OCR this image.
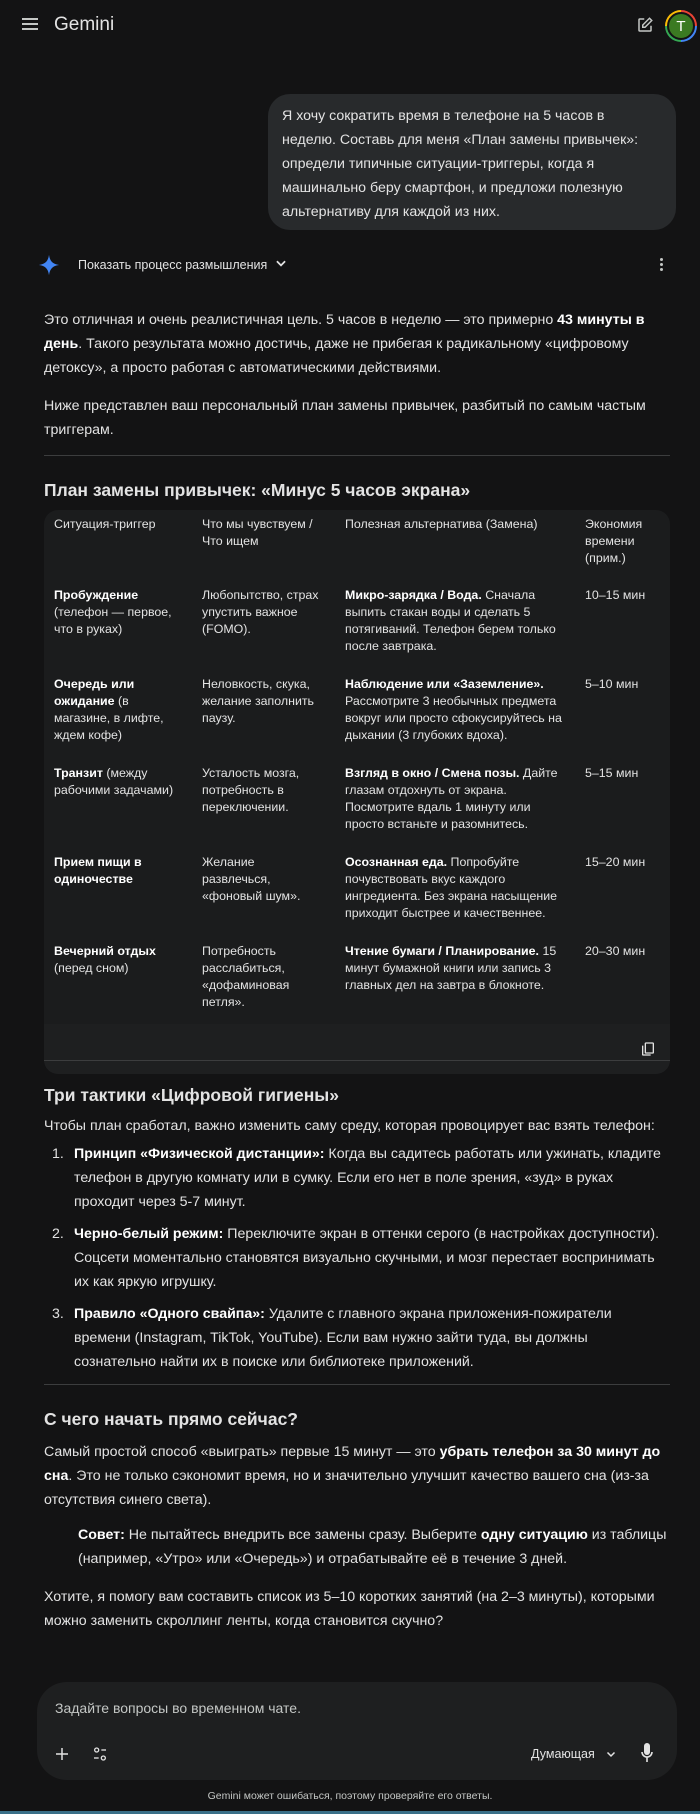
Gemini	T
Я хочу сократить время в телефоне на 5 часов в неделю. Составь для меня «План замены привычек»: определи типичные ситуации-триггеры, когда я машинально беру смартфон, и предложи полезную альтернативу для каждой из них.
Показать процесс размышления

Это отличная и очень реалистичная цель. 5 часов в неделю — это примерно 43 минуты в день. Такого результата можно достичь, даже не прибегая к радикальному «цифровому детоксу», а просто работая с автоматическими действиями.

Ниже представлен ваш персональный план замены привычек, разбитый по самым частым триггерам.

План замены привычек: «Минус 5 часов экрана»
Ситуация-триггер	Что мы чувствуем / Что ищем	Полезная альтернатива (Замена)	Экономия времени (прим.)
Пробуждение (телефон — первое, что в руках)	Любопытство, страх упустить важное (FOMO).	Микро-зарядка / Вода. Сначала выпить стакан воды и сделать 5 потягиваний. Телефон берем только после завтрака.	10–15 мин
Очередь или ожидание (в магазине, в лифте, ждем кофе)	Неловкость, скука, желание заполнить паузу.	Наблюдение или «Заземление». Рассмотрите 3 необычных предмета вокруг или просто сфокусируйтесь на дыхании (3 глубоких вдоха).	5–10 мин
Транзит (между рабочими задачами)	Усталость мозга, потребность в переключении.	Взгляд в окно / Смена позы. Дайте глазам отдохнуть от экрана. Посмотрите вдаль 1 минуту или просто встаньте и разомнитесь.	5–15 мин
Прием пищи в одиночестве	Желание развлечься, «фоновый шум».	Осознанная еда. Попробуйте почувствовать вкус каждого ингредиента. Без экрана насыщение приходит быстрее и качественнее.	15–20 мин
Вечерний отдых (перед сном)	Потребность расслабиться, «дофаминовая петля».	Чтение бумаги / Планирование. 15 минут бумажной книги или запись 3 главных дел на завтра в блокноте.	20–30 мин
Три тактики «Цифровой гигиены»

Чтобы план сработал, важно изменить саму среду, которая провоцирует вас взять телефон:

1. Принцип «Физической дистанции»: Когда вы садитесь работать или ужинать, кладите телефон в другую комнату или в сумку. Если его нет в поле зрения, «зуд» в руках проходит через 5-7 минут.
2. Черно-белый режим: Переключите экран в оттенки серого (в настройках доступности). Соцсети моментально становятся визуально скучными, и мозг перестает воспринимать их как яркую игрушку.
3. Правило «Одного свайпа»: Удалите с главного экрана приложения-пожиратели времени (Instagram, TikTok, YouTube). Если вам нужно зайти туда, вы должны сознательно найти их в поиске или библиотеке приложений.
С чего начать прямо сейчас?

Самый простой способ «выиграть» первые 15 минут — это убрать телефон за 30 минут до сна. Это не только сэкономит время, но и значительно улучшит качество вашего сна (из-за отсутствия синего света).

Совет: Не пытайтесь внедрить все замены сразу. Выберите одну ситуацию из таблицы (например, «Утро» или «Очередь») и отрабатывайте её в течение 3 дней.

Хотите, я помогу вам составить список из 5–10 коротких занятий (на 2–3 минуты), которыми можно заменить скроллинг ленты, когда становится скучно?

Задайте вопросы во временном чате.
Думающая
Gemini может ошибаться, поэтому проверяйте его ответы.
